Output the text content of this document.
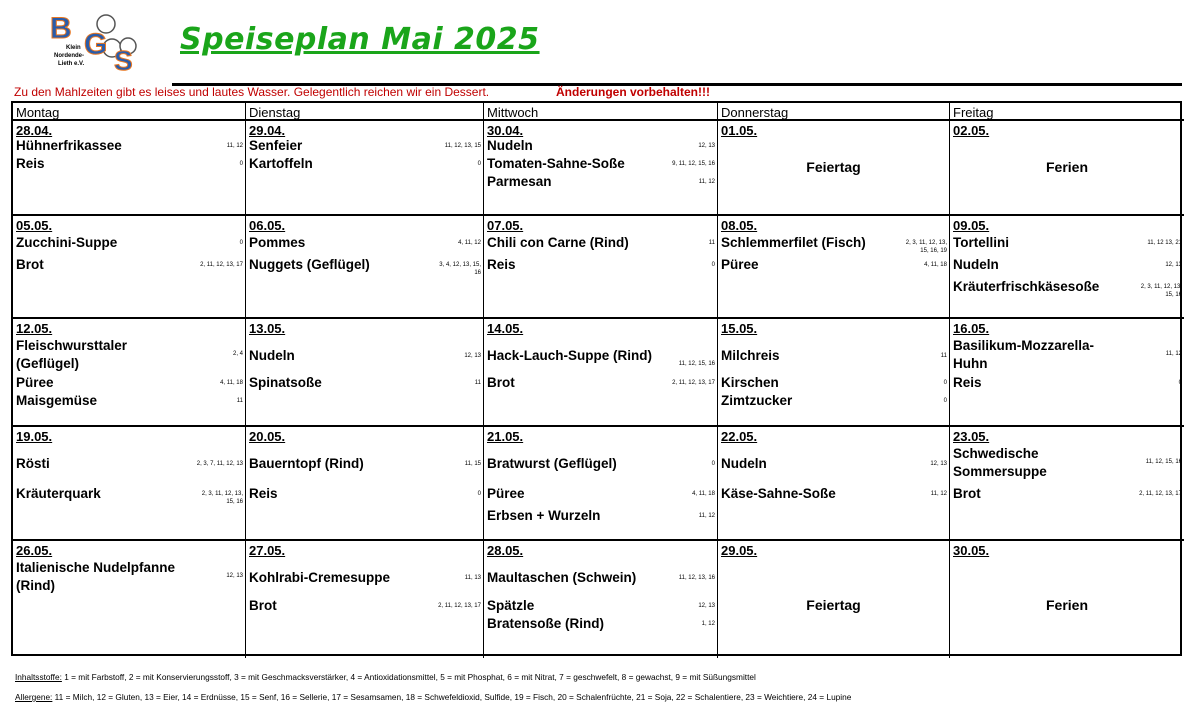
B G S
Klein
Nordende-
Lieth e.V.
Speiseplan Mai 2025
Zu den Mahlzeiten gibt es leises und lautes Wasser. Gelegentlich reichen wir ein Dessert.	Änderungen vorbehalten!!!
Montag	Dienstag	Mittwoch	Donnerstag	Freitag
28.04.
Hühnerfrikassee	11, 12
Reis	0
29.04.
Senfeier	11, 12, 13, 15
Kartoffeln	0
30.04.
Nudeln	12, 13
Tomaten-Sahne-Soße	9, 11, 12, 15, 16
Parmesan	11, 12
01.05.
Feiertag
02.05.
Ferien
05.05.
Zucchini-Suppe	0
Brot	2, 11, 12, 13, 17
06.05.
Pommes	4, 11, 12
Nuggets (Geflügel)	3, 4, 12, 13, 15, 16
07.05.
Chili con Carne (Rind)	11
Reis	0
08.05.
Schlemmerfilet (Fisch)	2, 3, 11, 12, 13, 15, 16, 19
Püree	4, 11, 18
09.05.
Tortellini	11, 12 13, 21
Nudeln	12, 13
Kräuterfrischkäsesoße	2, 3, 11, 12, 13, 15, 16
12.05.
Fleischwursttaler (Geflügel)
2, 4
Püree	4, 11, 18
Maisgemüse	11
13.05.
Nudeln	12, 13
Spinatsoße	11
14.05.
Hack-Lauch-Suppe (Rind)
11, 12, 15, 16
Brot	2, 11, 12, 13, 17
15.05.
Milchreis	11
Kirschen	0
Zimtzucker	0
16.05.
Basilikum-Mozzarella-Huhn
11, 12
Reis	0
19.05.
Rösti	2, 3, 7, 11, 12, 13
Kräuterquark	2, 3, 11, 12, 13, 15, 16
20.05.
Bauerntopf (Rind)	11, 15
Reis	0
21.05.
Bratwurst (Geflügel)	0
Püree	4, 11, 18
Erbsen + Wurzeln	11, 12
22.05.
Nudeln	12, 13
Käse-Sahne-Soße	11, 12
23.05.
Schwedische Sommersuppe
11, 12, 15, 16
Brot	2, 11, 12, 13, 17
26.05.
Italienische Nudelpfanne (Rind)
12, 13
27.05.
Kohlrabi-Cremesuppe	11, 13
Brot	2, 11, 12, 13, 17
28.05.
Maultaschen (Schwein)	11, 12, 13, 16
Spätzle	12, 13
Bratensoße (Rind)	1, 12
29.05.
Feiertag
30.05.
Ferien
Inhaltsstoffe: 1 = mit Farbstoff, 2 = mit Konservierungsstoff, 3 = mit Geschmacksverstärker, 4 = Antioxidationsmittel, 5 = mit Phosphat, 6 = mit Nitrat, 7 = geschwefelt, 8 = gewachst, 9 = mit Süßungsmittel
Allergene: 11 = Milch, 12 = Gluten, 13 = Eier, 14 = Erdnüsse, 15 = Senf, 16 = Sellerie, 17 = Sesamsamen, 18 = Schwefeldioxid, Sulfide, 19 = Fisch, 20 = Schalenfrüchte, 21 = Soja, 22 = Schalentiere, 23 = Weichtiere, 24 = Lupine
